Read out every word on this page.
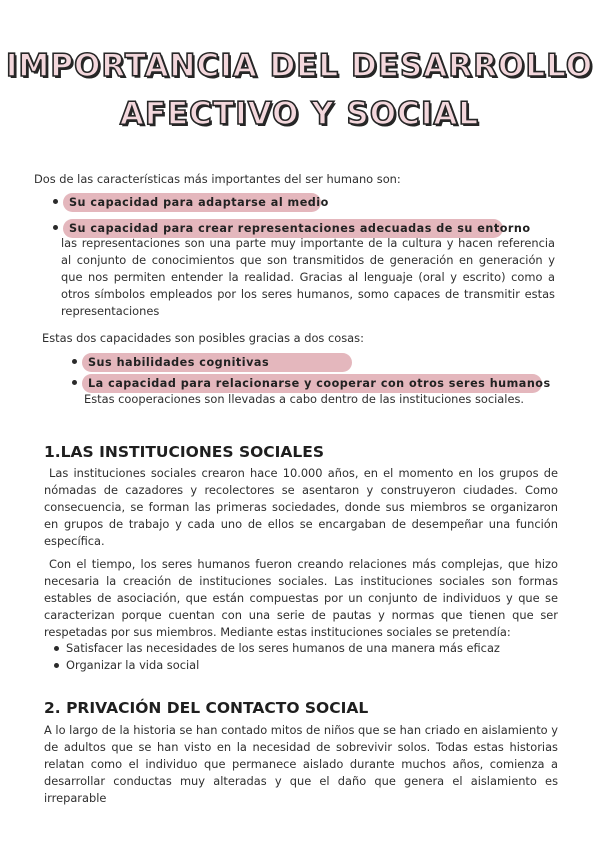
IMPORTANCIA DEL DESARROLLO
AFECTIVO Y SOCIAL

Dos de las características más importantes del ser humano son:

Su capacidad para adaptarse al medio
Su capacidad para crear representaciones adecuadas de su entorno

las representaciones son una parte muy importante de la cultura y hacen referencia al conjunto de conocimientos que son transmitidos de generación en generación y que nos permiten entender la realidad. Gracias al lenguaje (oral y escrito) como a otros símbolos empleados por los seres humanos, somo capaces de transmitir estas representaciones

Estas dos capacidades son posibles gracias a dos cosas:

Sus habilidades cognitivas
La capacidad para relacionarse y cooperar con otros seres humanos

Estas cooperaciones son llevadas a cabo dentro de las instituciones sociales.

1.LAS INSTITUCIONES SOCIALES

Las instituciones sociales crearon hace 10.000 años, en el momento en los grupos de nómadas de cazadores y recolectores se asentaron y construyeron ciudades. Como consecuencia, se forman las primeras sociedades, donde sus miembros se organizaron en grupos de trabajo y cada uno de ellos se encargaban de desempeñar una función específica.

Con el tiempo, los seres humanos fueron creando relaciones más complejas, que hizo necesaria la creación de instituciones sociales. Las instituciones sociales son formas estables de asociación, que están compuestas por un conjunto de individuos y que se caracterizan porque cuentan con una serie de pautas y normas que tienen que ser respetadas por sus miembros. Mediante estas instituciones sociales se pretendía:

Satisfacer las necesidades de los seres humanos de una manera más eficaz
Organizar la vida social
2. PRIVACIÓN DEL CONTACTO SOCIAL

A lo largo de la historia se han contado mitos de niños que se han criado en aislamiento y de adultos que se han visto en la necesidad de sobrevivir solos. Todas estas historias relatan como el individuo que permanece aislado durante muchos años, comienza a desarrollar conductas muy alteradas y que el daño que genera el aislamiento es irreparable
